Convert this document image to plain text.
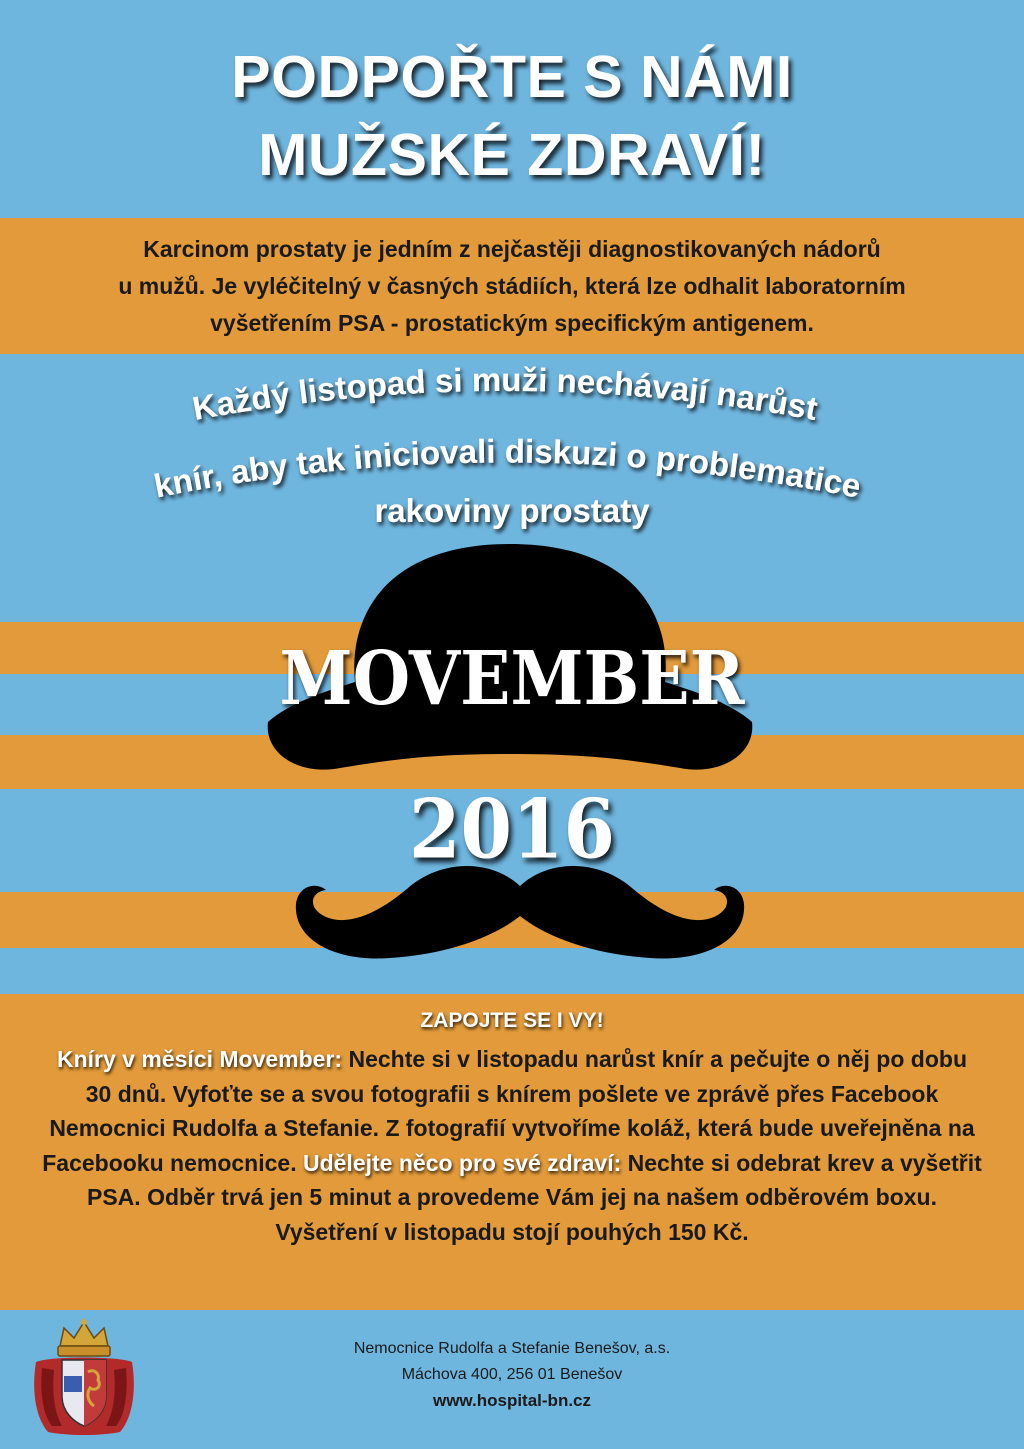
PODPOŘTE S NÁMI
MUŽSKÉ ZDRAVÍ!

Karcinom prostaty je jedním z nejčastěji diagnostikovaných nádorů

u mužů. Je vyléčitelný v časných stádiích, která lze odhalit laboratorním

vyšetřením PSA - prostatickým specifickým antigenem.

Každý listopad si muži nechávají narůst
knír, aby tak iniciovali diskuzi o problematice
rakoviny prostaty
MOVEMBER
2016
ZAPOJTE SE I VY!
Kníry v měsíci Movember: Nechte si v listopadu narůst knír a pečujte o něj po dobu 30 dnů. Vyfoťte se a svou fotografii s knírem pošlete ve zprávě přes Facebook Nemocnici Rudolfa a Stefanie. Z fotografií vytvoříme koláž, která bude uveřejněna na Facebooku nemocnice. Udělejte něco pro své zdraví: Nechte si odebrat krev a vyšetřit PSA. Odběr trvá jen 5 minut a provedeme Vám jej na našem odběrovém boxu. Vyšetření v listopadu stojí pouhých 150 Kč.
Nemocnice Rudolfa a Stefanie Benešov, a.s.
Máchova 400, 256 01 Benešov
www.hospital-bn.cz
